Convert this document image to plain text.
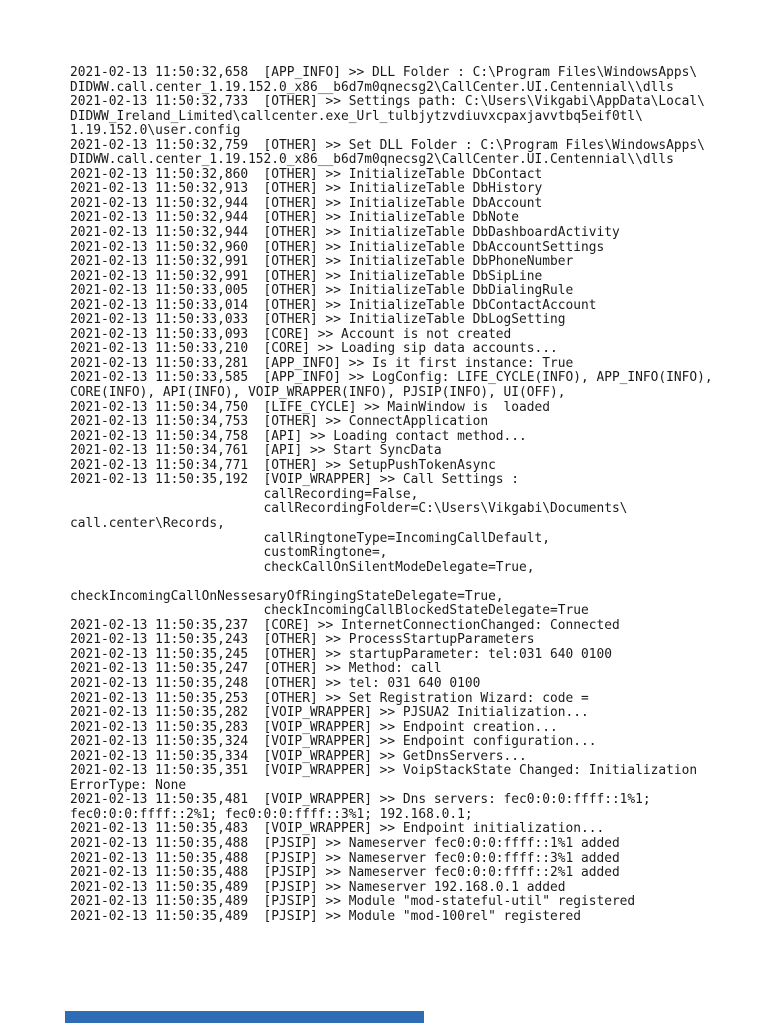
2021-02-13 11:50:32,658  [APP_INFO] >> DLL Folder : C:\Program Files\WindowsApps\
DIDWW.call.center_1.19.152.0_x86__b6d7m0qnecsg2\CallCenter.UI.Centennial\\dlls
2021-02-13 11:50:32,733  [OTHER] >> Settings path: C:\Users\Vikgabi\AppData\Local\
DIDWW_Ireland_Limited\callcenter.exe_Url_tulbjytzvdiuvxcpaxjavvtbq5eif0tl\
1.19.152.0\user.config
2021-02-13 11:50:32,759  [OTHER] >> Set DLL Folder : C:\Program Files\WindowsApps\
DIDWW.call.center_1.19.152.0_x86__b6d7m0qnecsg2\CallCenter.UI.Centennial\\dlls
2021-02-13 11:50:32,860  [OTHER] >> InitializeTable DbContact
2021-02-13 11:50:32,913  [OTHER] >> InitializeTable DbHistory
2021-02-13 11:50:32,944  [OTHER] >> InitializeTable DbAccount
2021-02-13 11:50:32,944  [OTHER] >> InitializeTable DbNote
2021-02-13 11:50:32,944  [OTHER] >> InitializeTable DbDashboardActivity
2021-02-13 11:50:32,960  [OTHER] >> InitializeTable DbAccountSettings
2021-02-13 11:50:32,991  [OTHER] >> InitializeTable DbPhoneNumber
2021-02-13 11:50:32,991  [OTHER] >> InitializeTable DbSipLine
2021-02-13 11:50:33,005  [OTHER] >> InitializeTable DbDialingRule
2021-02-13 11:50:33,014  [OTHER] >> InitializeTable DbContactAccount
2021-02-13 11:50:33,033  [OTHER] >> InitializeTable DbLogSetting
2021-02-13 11:50:33,093  [CORE] >> Account is not created
2021-02-13 11:50:33,210  [CORE] >> Loading sip data accounts...
2021-02-13 11:50:33,281  [APP_INFO] >> Is it first instance: True
2021-02-13 11:50:33,585  [APP_INFO] >> LogConfig: LIFE_CYCLE(INFO), APP_INFO(INFO),
CORE(INFO), API(INFO), VOIP_WRAPPER(INFO), PJSIP(INFO), UI(OFF),
2021-02-13 11:50:34,750  [LIFE_CYCLE] >> MainWindow is  loaded
2021-02-13 11:50:34,753  [OTHER] >> ConnectApplication
2021-02-13 11:50:34,758  [API] >> Loading contact method...
2021-02-13 11:50:34,761  [API] >> Start SyncData
2021-02-13 11:50:34,771  [OTHER] >> SetupPushTokenAsync
2021-02-13 11:50:35,192  [VOIP_WRAPPER] >> Call Settings :
callRecording=False,
callRecordingFolder=C:\Users\Vikgabi\Documents\
call.center\Records,
callRingtoneType=IncomingCallDefault,
customRingtone=,
checkCallOnSilentModeDelegate=True,

checkIncomingCallOnNessesaryOfRingingStateDelegate=True,
checkIncomingCallBlockedStateDelegate=True
2021-02-13 11:50:35,237  [CORE] >> InternetConnectionChanged: Connected
2021-02-13 11:50:35,243  [OTHER] >> ProcessStartupParameters
2021-02-13 11:50:35,245  [OTHER] >> startupParameter: tel:031 640 0100
2021-02-13 11:50:35,247  [OTHER] >> Method: call
2021-02-13 11:50:35,248  [OTHER] >> tel: 031 640 0100
2021-02-13 11:50:35,253  [OTHER] >> Set Registration Wizard: code =
2021-02-13 11:50:35,282  [VOIP_WRAPPER] >> PJSUA2 Initialization...
2021-02-13 11:50:35,283  [VOIP_WRAPPER] >> Endpoint creation...
2021-02-13 11:50:35,324  [VOIP_WRAPPER] >> Endpoint configuration...
2021-02-13 11:50:35,334  [VOIP_WRAPPER] >> GetDnsServers...
2021-02-13 11:50:35,351  [VOIP_WRAPPER] >> VoipStackState Changed: Initialization
ErrorType: None
2021-02-13 11:50:35,481  [VOIP_WRAPPER] >> Dns servers: fec0:0:0:ffff::1%1;
fec0:0:0:ffff::2%1; fec0:0:0:ffff::3%1; 192.168.0.1;
2021-02-13 11:50:35,483  [VOIP_WRAPPER] >> Endpoint initialization...
2021-02-13 11:50:35,488  [PJSIP] >> Nameserver fec0:0:0:ffff::1%1 added
2021-02-13 11:50:35,488  [PJSIP] >> Nameserver fec0:0:0:ffff::3%1 added
2021-02-13 11:50:35,488  [PJSIP] >> Nameserver fec0:0:0:ffff::2%1 added
2021-02-13 11:50:35,489  [PJSIP] >> Nameserver 192.168.0.1 added
2021-02-13 11:50:35,489  [PJSIP] >> Module "mod-stateful-util" registered
2021-02-13 11:50:35,489  [PJSIP] >> Module "mod-100rel" registered
